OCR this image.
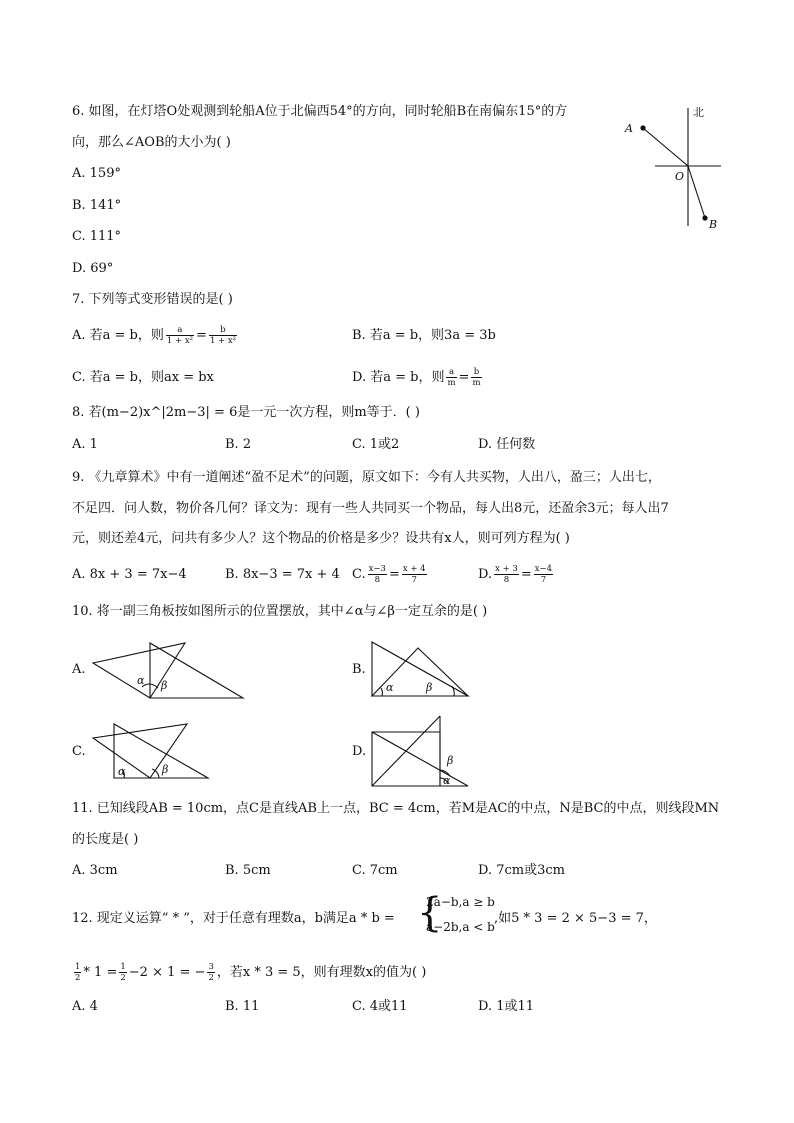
6. 如图，在灯塔O处观测到轮船A位于北偏西54°的方向，同时轮船B在南偏东15°的方
向，那么∠AOB的大小为( )
A. 159°
B. 141°
C. 111°
D. 69°
北
A
O
B
7. 下列等式变形错误的是( )
A. 若a = b，则 $\frac{a}{\text{1 + x²}} = \frac{b}{\text{1 + x²}}$	B. 若a = b，则3a = 3b
C. 若a = b，则ax = bx	D. 若a = b，则 $\frac{a}{m} = \frac{b}{m}$
8. 若(m−2)x^|2m−3| = 6是一元一次方程，则m等于．( )
A. 1	B. 2	C. 1或2	D. 任何数
9. 《九章算术》中有一道阐述“盈不足术”的问题，原文如下：今有人共买物，人出八，盈三；人出七，
不足四．问人数，物价各几何？译文为：现有一些人共同买一个物品，每人出8元，还盈余3元；每人出7
元，则还差4元，问共有多少人？这个物品的价格是多少？设共有x人，则可列方程为( )
A. 8x + 3 = 7x−4	B. 8x−3 = 7x + 4 C. $\frac{x-3}{8} = \frac{x + 4}{7}$	D. $\frac{x + 3}{8} = \frac{x-4}{7}$
10. 将一副三角板按如图所示的位置摆放，其中∠α与∠β一定互余的是( )
A.
α β
B.
α	β
C.
α	β
D.
β
α
11. 已知线段AB = 10cm，点C是直线AB上一点，BC = 4cm，若M是AC的中点，N是BC的中点，则线段MN
的长度是( )
A. 3cm	B. 5cm	C. 7cm	D. 7cm或3cm
12. 现定义运算“ * ”，对于任意有理数a，b满足a * b = {
2a−b,a ≥ b
a−2b,a < b
,如5 * 3 = 2 × 5−3 = 7，
$\frac{1}{2} * 1 = \frac{1}{2} -2 \times 1$ = − $\frac{3}{2}$ ，若x * 3 = 5，则有理数x的值为( )
A. 4	B. 11	C. 4或11	D. 1或11
